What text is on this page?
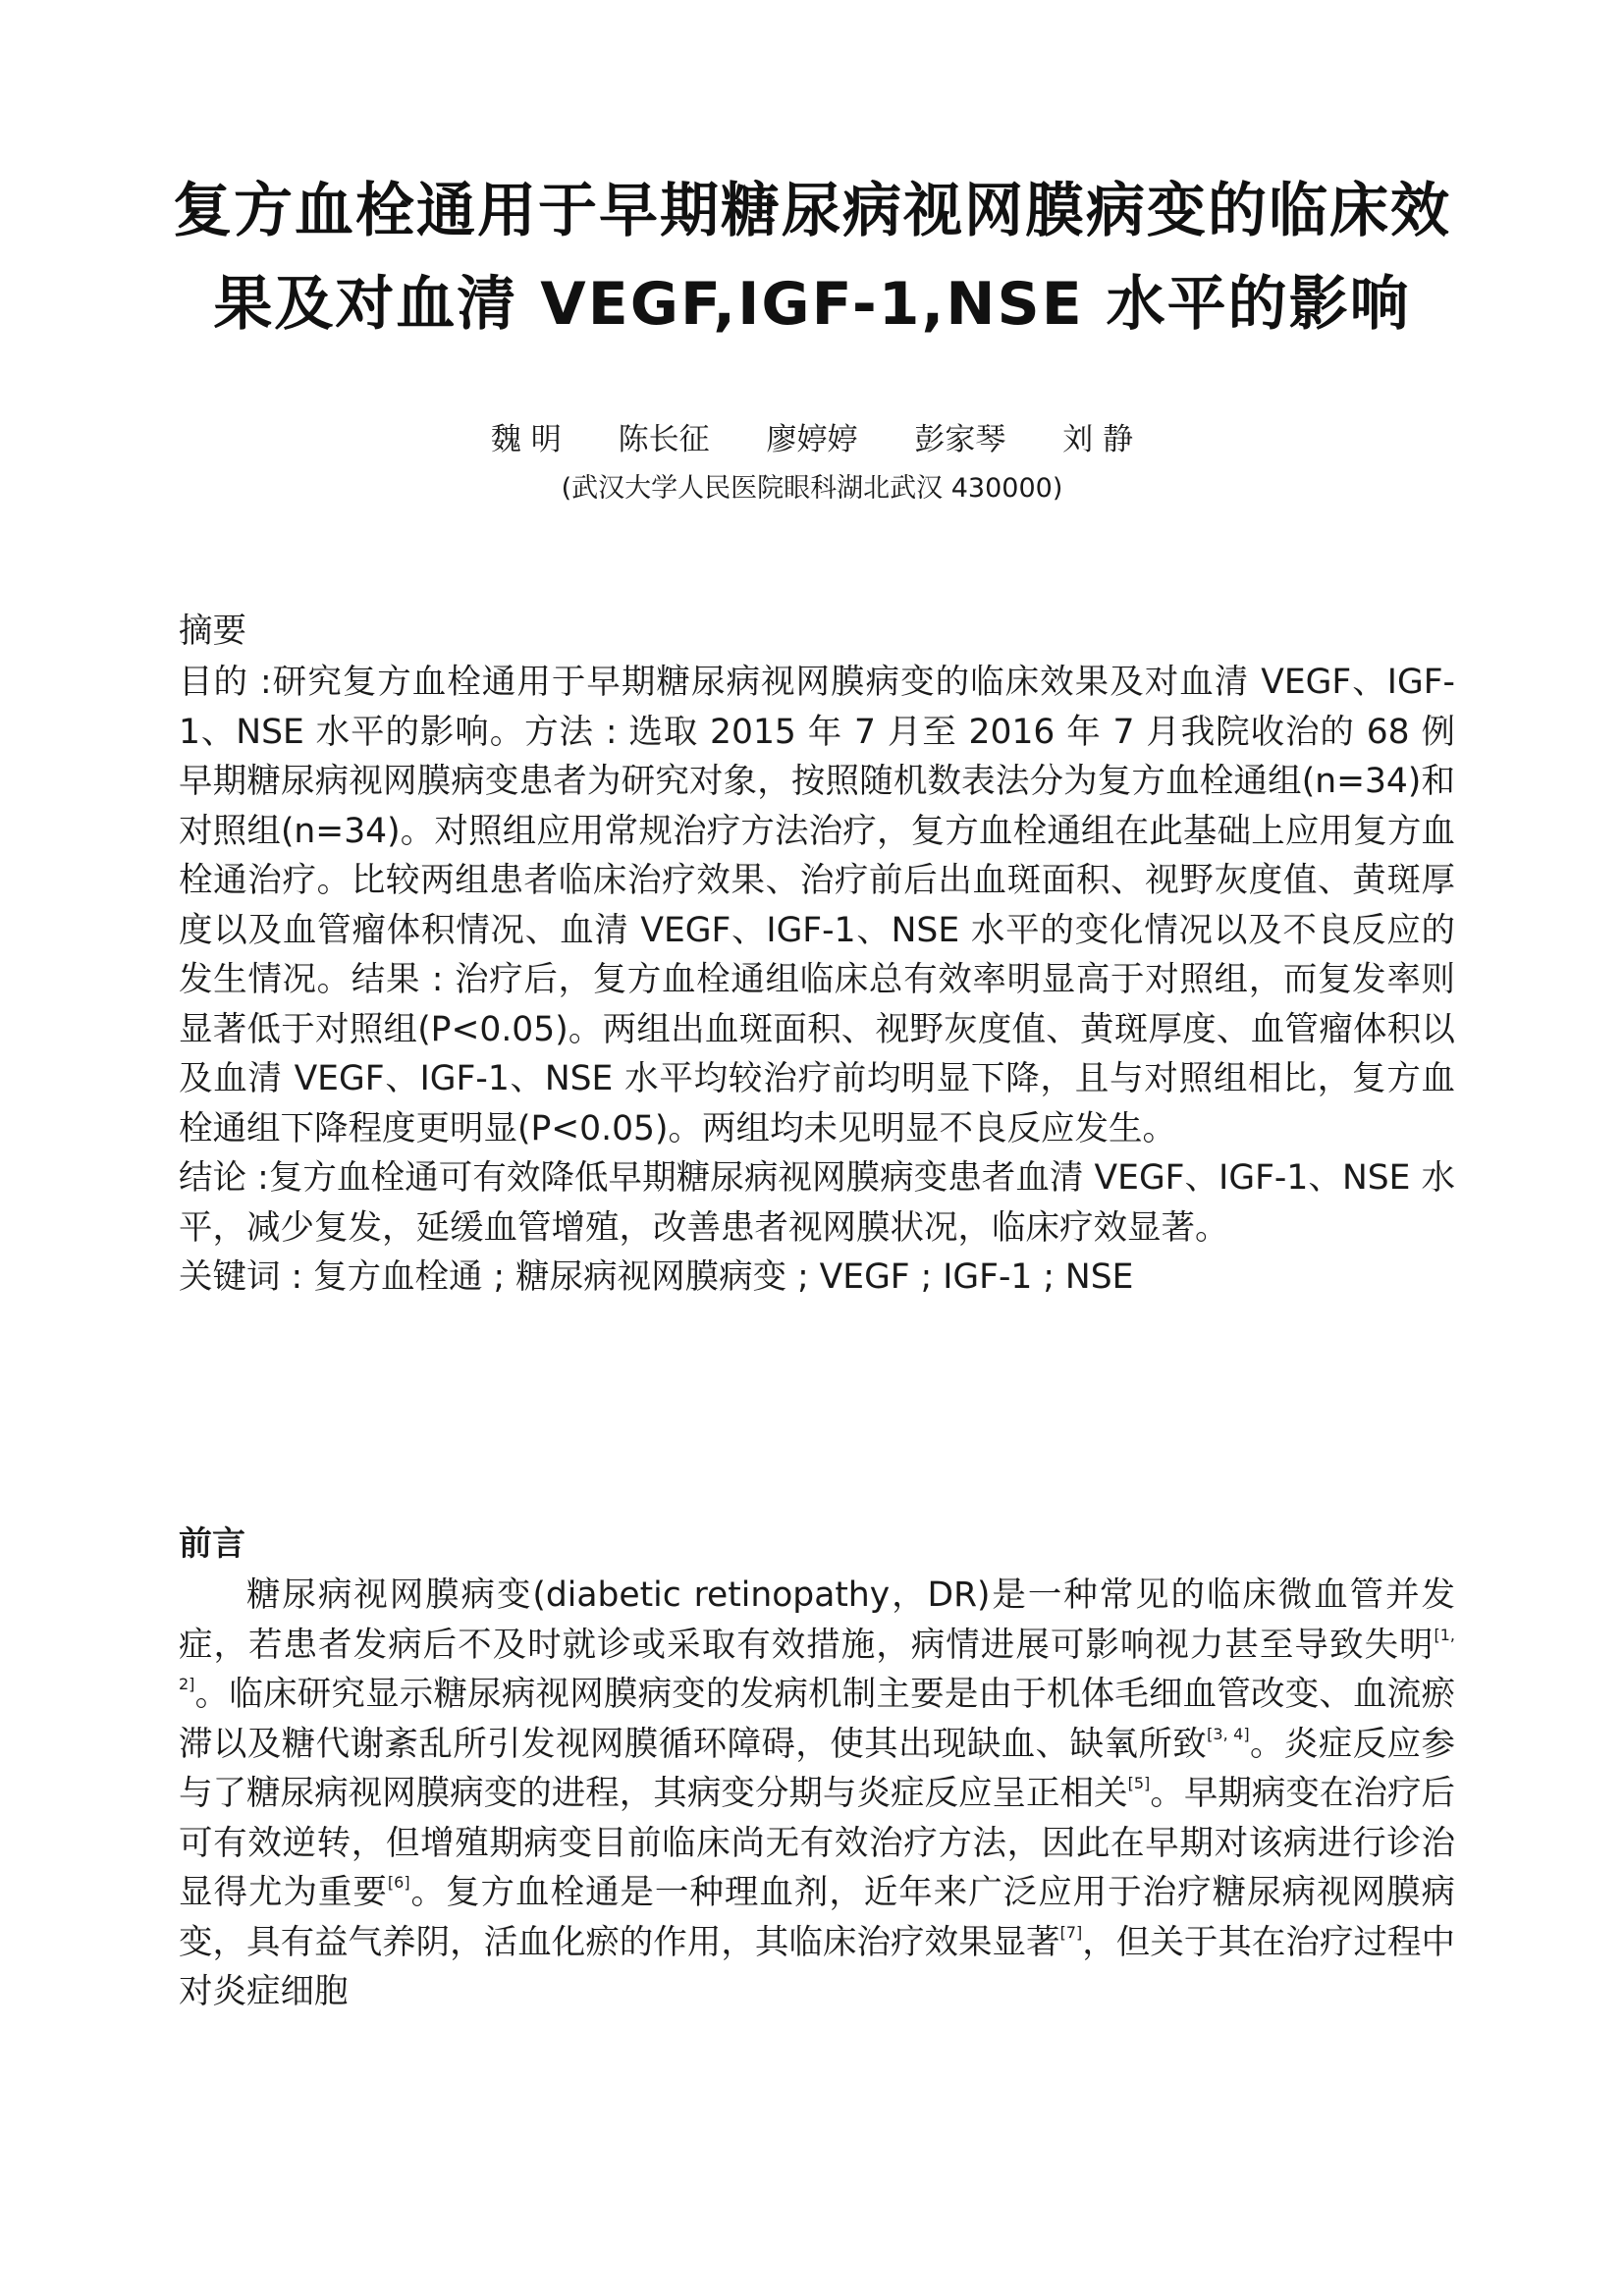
复方血栓通用于早期糖尿病视网膜病变的临床效
果及对血清 VEGF,IGF-1,NSE 水平的影响
魏 明 陈长征 廖婷婷 彭家琴 刘 静
(武汉大学人民医院眼科湖北武汉 430000)
摘要

目的 :研究复方血栓通用于早期糖尿病视网膜病变的临床效果及对血清 VEGF、IGF-1、NSE 水平的影响。方法 : 选取 2015 年 7 月至 2016 年 7 月我院收治的 68 例早期糖尿病视网膜病变患者为研究对象，按照随机数表法分为复方血栓通组(n=34)和对照组(n=34)。对照组应用常规治疗方法治疗，复方血栓通组在此基础上应用复方血栓通治疗。比较两组患者临床治疗效果、治疗前后出血斑面积、视野灰度值、黄斑厚度以及血管瘤体积情况、血清 VEGF、IGF-1、NSE 水平的变化情况以及不良反应的发生情况。结果 : 治疗后，复方血栓通组临床总有效率明显高于对照组，而复发率则显著低于对照组(P<0.05)。两组出血斑面积、视野灰度值、黄斑厚度、血管瘤体积以及血清 VEGF、IGF-1、NSE 水平均较治疗前均明显下降，且与对照组相比，复方血栓通组下降程度更明显(P<0.05)。两组均未见明显不良反应发生。

结论 :复方血栓通可有效降低早期糖尿病视网膜病变患者血清 VEGF、IGF-1、NSE 水平，减少复发，延缓血管增殖，改善患者视网膜状况，临床疗效显著。

关键词 : 复方血栓通 ; 糖尿病视网膜病变 ; VEGF ; IGF-1 ; NSE

前言

糖尿病视网膜病变(diabetic retinopathy，DR)是一种常见的临床微血管并发症，若患者发病后不及时就诊或采取有效措施，病情进展可影响视力甚至导致失明[1, 2]。临床研究显示糖尿病视网膜病变的发病机制主要是由于机体毛细血管改变、血流瘀滞以及糖代谢紊乱所引发视网膜循环障碍，使其出现缺血、缺氧所致[3, 4]。炎症反应参与了糖尿病视网膜病变的进程，其病变分期与炎症反应呈正相关[5]。早期病变在治疗后可有效逆转，但增殖期病变目前临床尚无有效治疗方法，因此在早期对该病进行诊治显得尤为重要[6]。复方血栓通是一种理血剂，近年来广泛应用于治疗糖尿病视网膜病变，具有益气养阴，活血化瘀的作用，其临床治疗效果显著[7]，但关于其在治疗过程中对炎症细胞
